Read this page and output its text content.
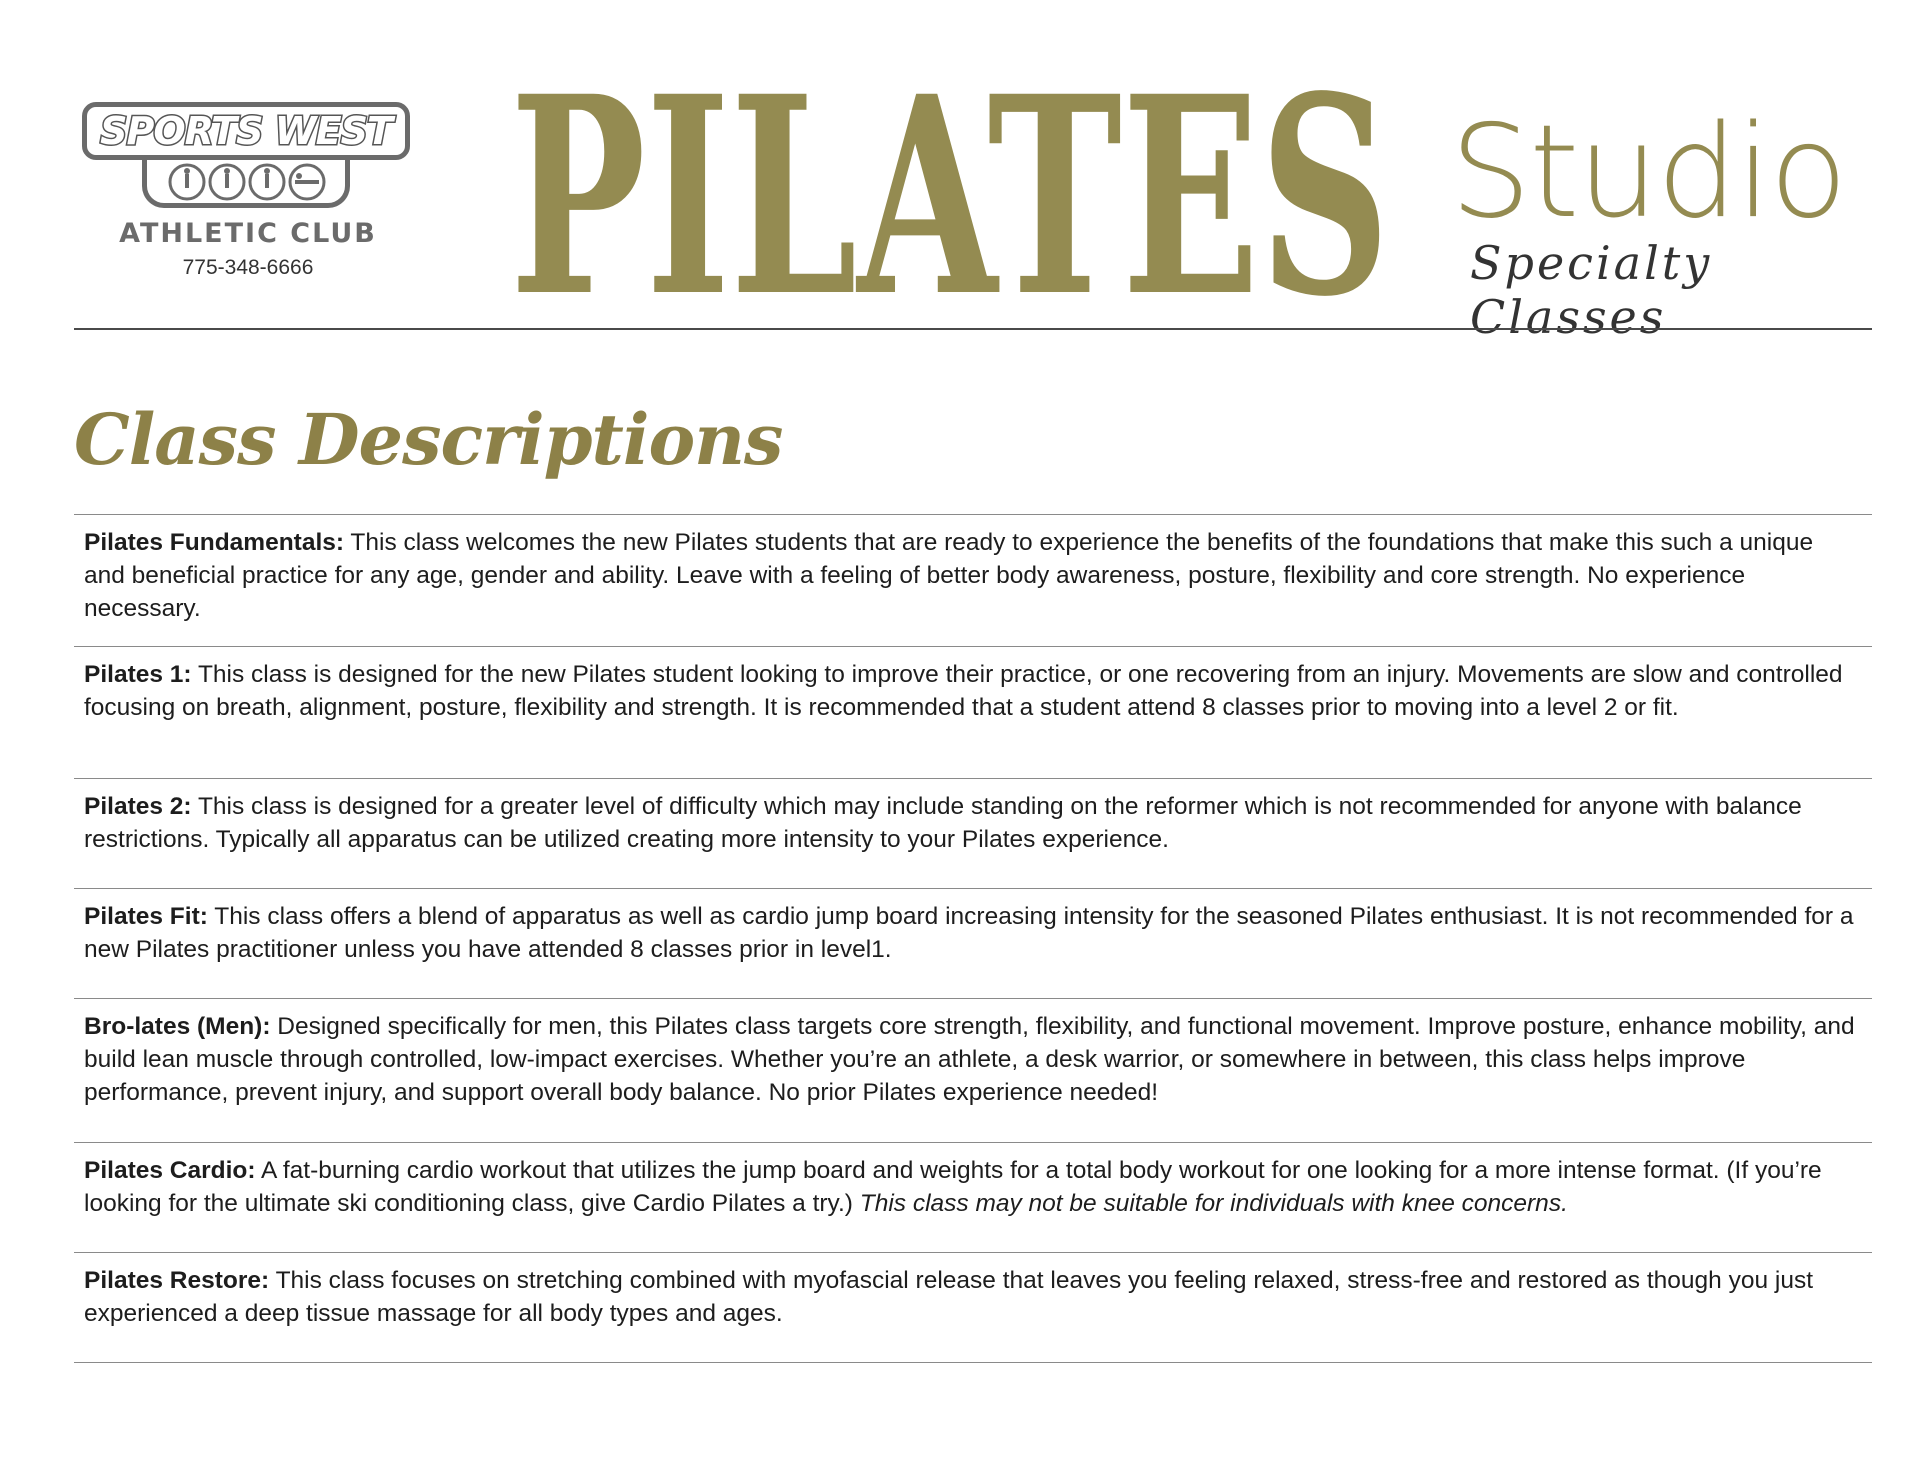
SPORTS WEST
ATHLETIC CLUB
775-348-6666 PILATES Studio
Specialty Classes
Class Descriptions
Pilates Fundamentals: This class welcomes the new Pilates students that are ready to experience the benefits of the foundations that make this such a unique and beneficial practice for any age, gender and ability. Leave with a feeling of better body awareness, posture, flexibility and core strength. No experience necessary.
Pilates 1: This class is designed for the new Pilates student looking to improve their practice, or one recovering from an injury. Movements are slow and controlled focusing on breath, alignment, posture, flexibility and strength. It is recommended that a student attend 8 classes prior to moving into a level 2 or fit.
Pilates 2: This class is designed for a greater level of difficulty which may include standing on the reformer which is not recommended for anyone with balance restrictions. Typically all apparatus can be utilized creating more intensity to your Pilates experience.
Pilates Fit: This class offers a blend of apparatus as well as cardio jump board increasing intensity for the seasoned Pilates enthusiast. It is not recommended for a new Pilates practitioner unless you have attended 8 classes prior in level1.
Bro-lates (Men): Designed specifically for men, this Pilates class targets core strength, flexibility, and functional movement. Improve posture, enhance mobility, and build lean muscle through controlled, low-impact exercises. Whether you’re an athlete, a desk warrior, or somewhere in between, this class helps improve performance, prevent injury, and support overall body balance. No prior Pilates experience needed!
Pilates Cardio: A fat-burning cardio workout that utilizes the jump board and weights for a total body workout for one looking for a more intense format. (If you’re looking for the ultimate ski conditioning class, give Cardio Pilates a try.) This class may not be suitable for individuals with knee concerns.
Pilates Restore: This class focuses on stretching combined with myofascial release that leaves you feeling relaxed, stress-free and restored as though you just experienced a deep tissue massage for all body types and ages.
